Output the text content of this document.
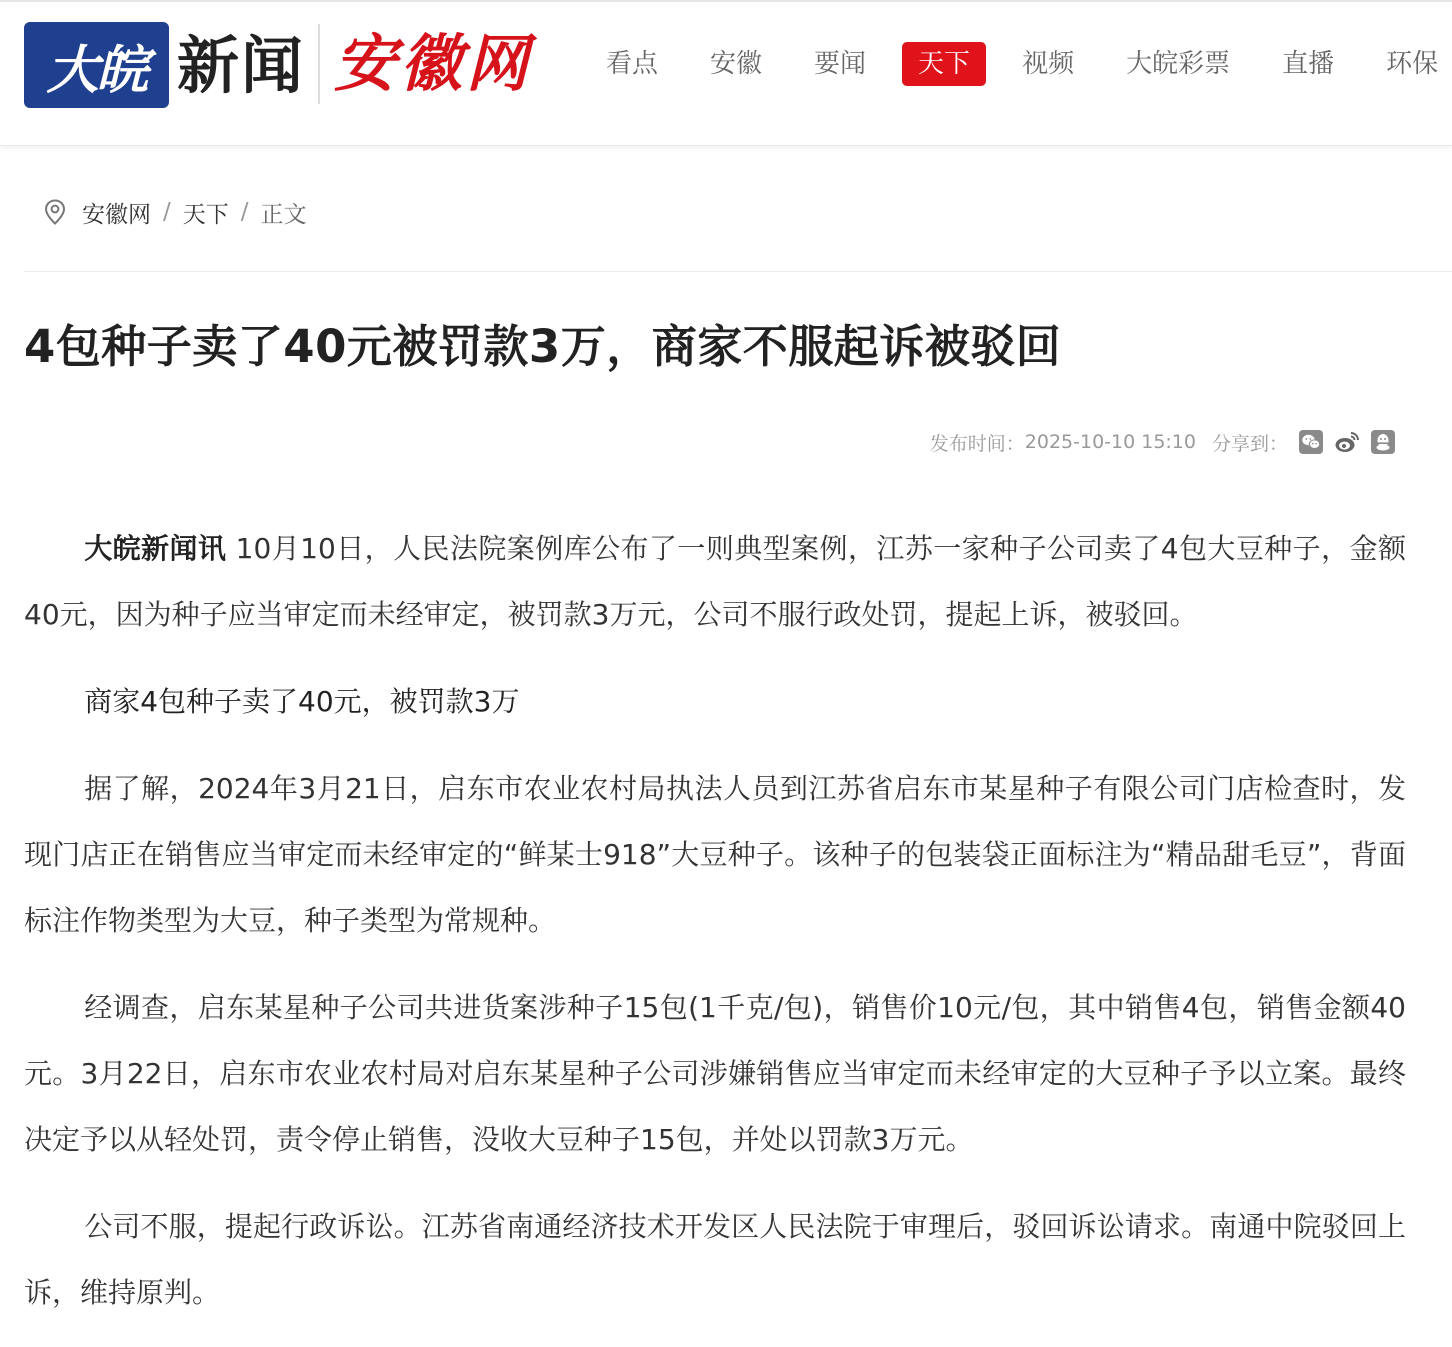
大皖 新闻 安徽网	看点	安徽	要闻	天下	视频	大皖彩票	直播	环保
安徽网 / 天下 / 正文
4包种子卖了40元被罚款3万，商家不服起诉被驳回
发布时间： 2025-10-10 15:10 分享到：

大皖新闻讯 10月10日，人民法院案例库公布了一则典型案例，江苏一家种子公司卖了4包大豆种子，金额40元，因为种子应当审定而未经审定，被罚款3万元，公司不服行政处罚，提起上诉，被驳回。

商家4包种子卖了40元，被罚款3万

据了解，2024年3月21日，启东市农业农村局执法人员到江苏省启东市某星种子有限公司门店检查时，发现门店正在销售应当审定而未经审定的“鲜某士918”大豆种子。该种子的包装袋正面标注为“精品甜毛豆”，背面标注作物类型为大豆，种子类型为常规种。

经调查，启东某星种子公司共进货案涉种子15包(1千克/包)，销售价10元/包，其中销售4包，销售金额40元。3月22日，启东市农业农村局对启东某星种子公司涉嫌销售应当审定而未经审定的大豆种子予以立案。最终决定予以从轻处罚，责令停止销售，没收大豆种子15包，并处以罚款3万元。

公司不服，提起行政诉讼。江苏省南通经济技术开发区人民法院于审理后，驳回诉讼请求。南通中院驳回上诉，维持原判。
